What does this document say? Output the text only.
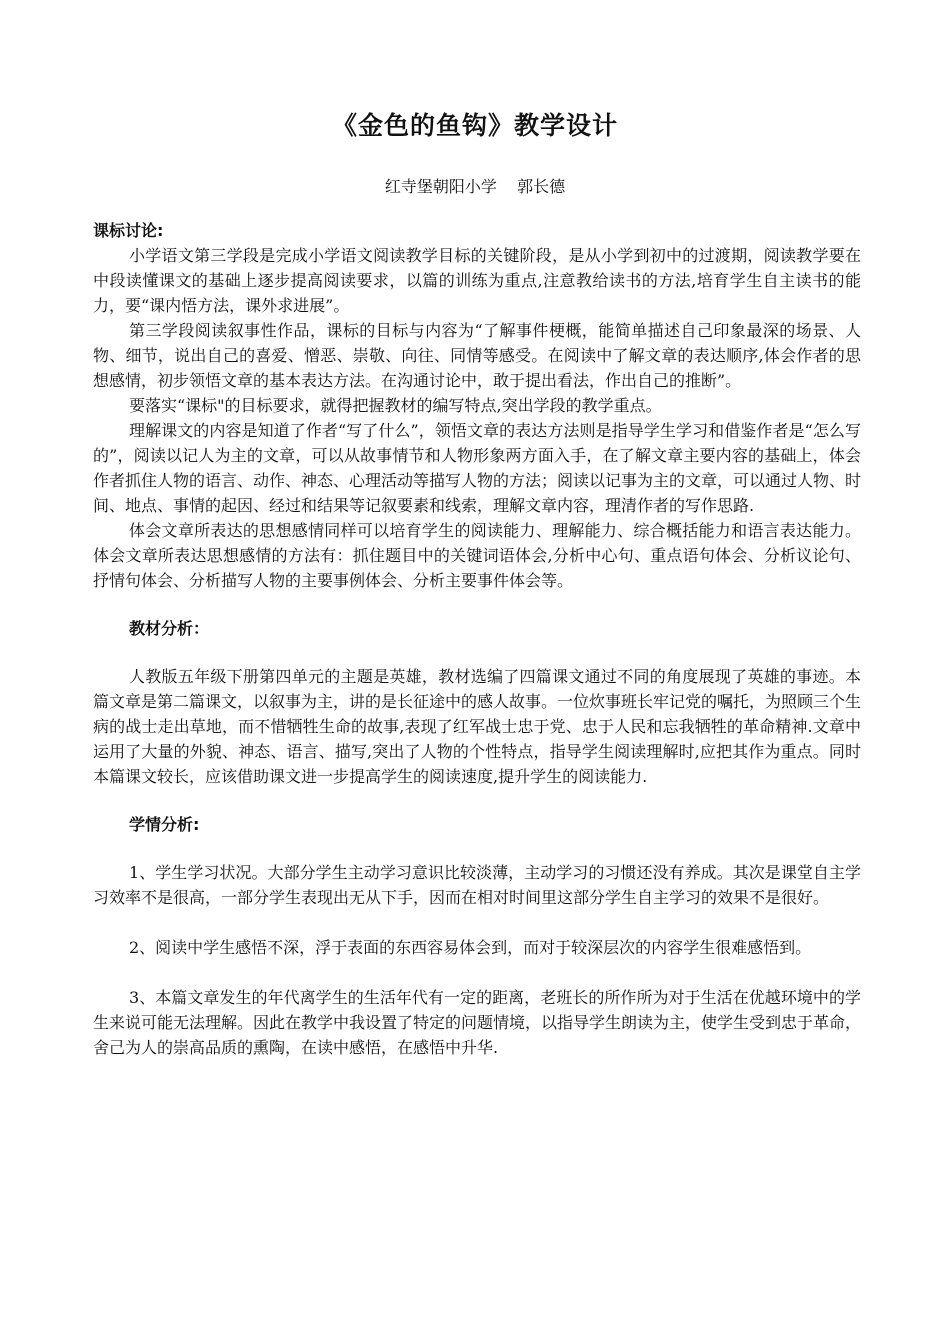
《金色的鱼钩》教学设计
红寺堡朝阳小学    郭长德
课标讨论:

小学语文第三学段是完成小学语文阅读教学目标的关键阶段，是从小学到初中的过渡期，阅读教学要在中段读懂课文的基础上逐步提高阅读要求，以篇的训练为重点,注意教给读书的方法,培育学生自主读书的能力，要“课内悟方法，课外求进展”。

第三学段阅读叙事性作品，课标的目标与内容为“了解事件梗概，能简单描述自己印象最深的场景、人物、细节，说出自己的喜爱、憎恶、崇敬、向往、同情等感受。在阅读中了解文章的表达顺序,体会作者的思想感情，初步领悟文章的基本表达方法。在沟通讨论中，敢于提出看法，作出自己的推断”。

要落实“课标"的目标要求，就得把握教材的编写特点,突出学段的教学重点。

理解课文的内容是知道了作者“写了什么”，领悟文章的表达方法则是指导学生学习和借鉴作者是“怎么写的”，阅读以记人为主的文章，可以从故事情节和人物形象两方面入手，在了解文章主要内容的基础上，体会作者抓住人物的语言、动作、神态、心理活动等描写人物的方法；阅读以记事为主的文章，可以通过人物、时间、地点、事情的起因、经过和结果等记叙要素和线索，理解文章内容，理清作者的写作思路.

体会文章所表达的思想感情同样可以培育学生的阅读能力、理解能力、综合概括能力和语言表达能力。体会文章所表达思想感情的方法有：抓住题目中的关键词语体会,分析中心句、重点语句体会、分析议论句、抒情句体会、分析描写人物的主要事例体会、分析主要事件体会等。

教材分析：

人教版五年级下册第四单元的主题是英雄，教材选编了四篇课文通过不同的角度展现了英雄的事迹。本篇文章是第二篇课文，以叙事为主，讲的是长征途中的感人故事。一位炊事班长牢记党的嘱托，为照顾三个生病的战士走出草地，而不惜牺牲生命的故事,表现了红军战士忠于党、忠于人民和忘我牺牲的革命精神.文章中运用了大量的外貌、神态、语言、描写,突出了人物的个性特点，指导学生阅读理解时,应把其作为重点。同时本篇课文较长，应该借助课文进一步提高学生的阅读速度,提升学生的阅读能力.

学情分析:

1、学生学习状况。大部分学生主动学习意识比较淡薄，主动学习的习惯还没有养成。其次是课堂自主学习效率不是很高，一部分学生表现出无从下手，因而在相对时间里这部分学生自主学习的效果不是很好。

2、阅读中学生感悟不深，浮于表面的东西容易体会到，而对于较深层次的内容学生很难感悟到。

3、本篇文章发生的年代离学生的生活年代有一定的距离，老班长的所作所为对于生活在优越环境中的学生来说可能无法理解。因此在教学中我设置了特定的问题情境，以指导学生朗读为主，使学生受到忠于革命，舍己为人的崇高品质的熏陶，在读中感悟，在感悟中升华.
